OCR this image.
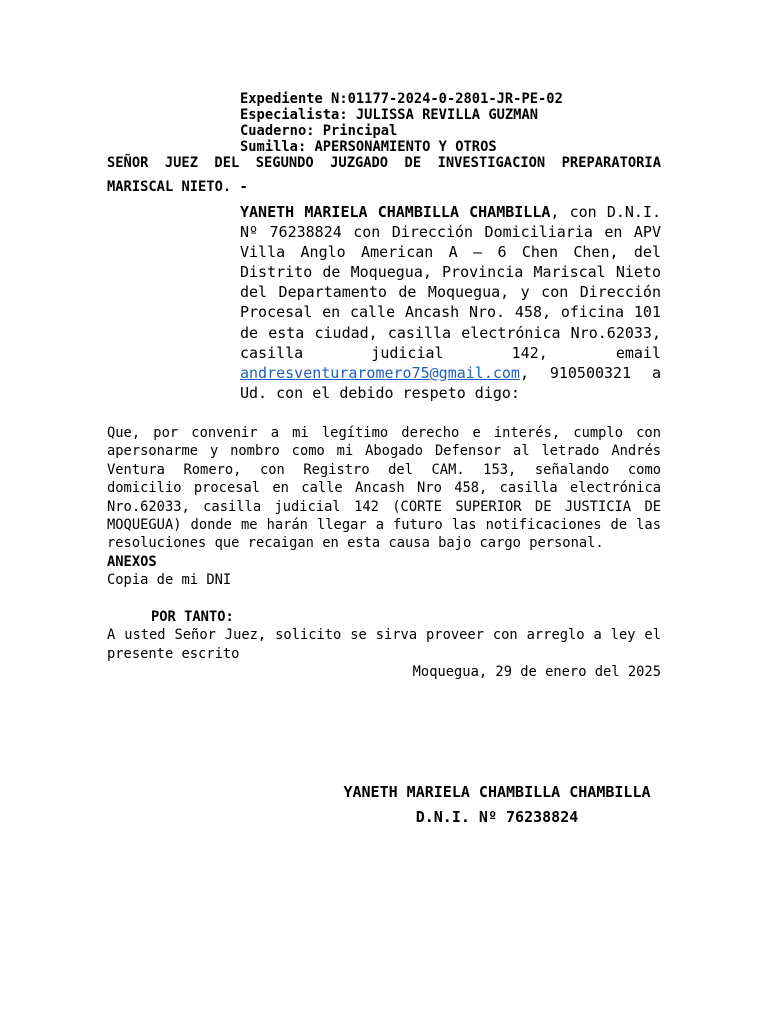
Expediente N:01177-2024-0-2801-JR-PE-02
Especialista: JULISSA REVILLA GUZMAN
Cuaderno: Principal
Sumilla: APERSONAMIENTO Y OTROS
SEÑOR JUEZ DEL SEGUNDO JUZGADO DE INVESTIGACION PREPARATORIA
MARISCAL NIETO. -
YANETH MARIELA CHAMBILLA CHAMBILLA, con D.N.I.
Nº 76238824 con Dirección Domiciliaria en APV
Villa Anglo American A – 6 Chen Chen, del
Distrito de Moquegua, Provincia Mariscal Nieto
del Departamento de Moquegua, y con Dirección
Procesal en calle Ancash Nro. 458, oficina 101
de esta ciudad, casilla electrónica Nro.62033,
casilla judicial 142, email
andresventuraromero75@gmail.com, 910500321 a
Ud. con el debido respeto digo:
Que, por convenir a mi legítimo derecho e interés, cumplo con
apersonarme y nombro como mi Abogado Defensor al letrado Andrés
Ventura Romero, con Registro del CAM. 153, señalando como
domicilio procesal en calle Ancash Nro 458, casilla electrónica
Nro.62033, casilla judicial 142 (CORTE SUPERIOR DE JUSTICIA DE
MOQUEGUA) donde me harán llegar a futuro las notificaciones de las
resoluciones que recaigan en esta causa bajo cargo personal.
ANEXOS
Copia de mi DNI
POR TANTO:
A usted Señor Juez, solicito se sirva proveer con arreglo a ley el
presente escrito
Moquegua, 29 de enero del 2025
YANETH MARIELA CHAMBILLA CHAMBILLA
D.N.I. Nº 76238824
